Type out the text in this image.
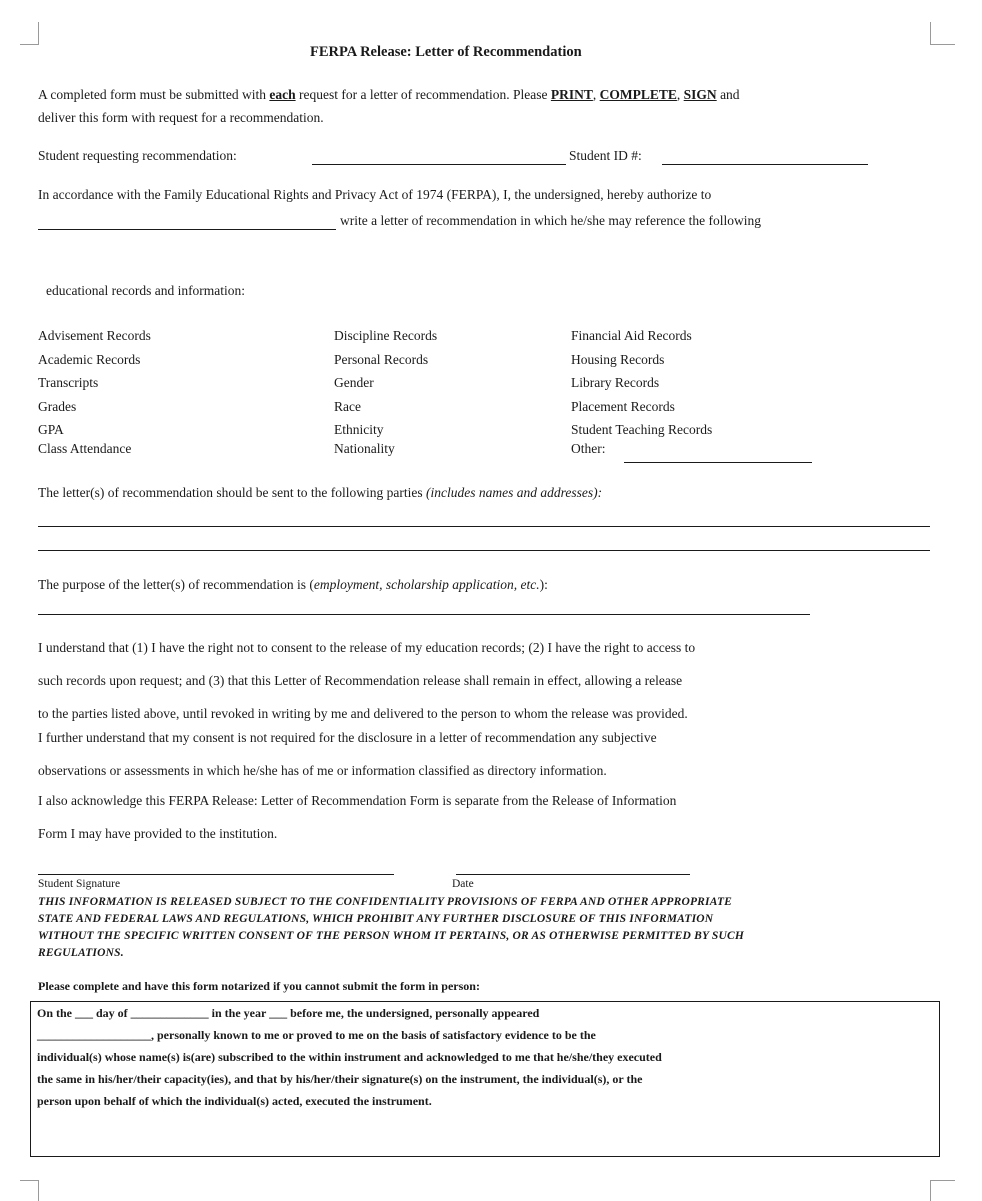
FERPA Release: Letter of Recommendation
A completed form must be submitted with each request for a letter of recommendation. Please PRINT, COMPLETE, SIGN and
deliver this form with request for a recommendation.
Student requesting recommendation:	Student ID #:
In accordance with the Family Educational Rights and Privacy Act of 1974 (FERPA), I, the undersigned, hereby authorize to
write a letter of recommendation in which he/she may reference the following
educational records and information:
Advisement Records
Academic Records
Transcripts
Grades
GPA
Class Attendance
Discipline Records
Personal Records
Gender
Race
Ethnicity
Nationality
Financial Aid Records
Housing Records
Library Records
Placement Records
Student Teaching Records
Other:
The letter(s) of recommendation should be sent to the following parties (includes names and addresses):
The purpose of the letter(s) of recommendation is (employment, scholarship application, etc.):
I understand that (1) I have the right not to consent to the release of my education records; (2) I have the right to access to
such records upon request; and (3) that this Letter of Recommendation release shall remain in effect, allowing a release
to the parties listed above, until revoked in writing by me and delivered to the person to whom the release was provided.
I further understand that my consent is not required for the disclosure in a letter of recommendation any subjective
observations or assessments in which he/she has of me or information classified as directory information.
I also acknowledge this FERPA Release: Letter of Recommendation Form is separate from the Release of Information
Form I may have provided to the institution.
Student Signature	Date
THIS INFORMATION IS RELEASED SUBJECT TO THE CONFIDENTIALITY PROVISIONS OF FERPA AND OTHER APPROPRIATE
STATE AND FEDERAL LAWS AND REGULATIONS, WHICH PROHIBIT ANY FURTHER DISCLOSURE OF THIS INFORMATION
WITHOUT THE SPECIFIC WRITTEN CONSENT OF THE PERSON WHOM IT PERTAINS, OR AS OTHERWISE PERMITTED BY SUCH
REGULATIONS.
Please complete and have this form notarized if you cannot submit the form in person:
On the ___ day of _____________ in the year ___ before me, the undersigned, personally appeared
___________________, personally known to me or proved to me on the basis of satisfactory evidence to be the
individual(s) whose name(s) is(are) subscribed to the within instrument and acknowledged to me that he/she/they executed
the same in his/her/their capacity(ies), and that by his/her/their signature(s) on the instrument, the individual(s), or the
person upon behalf of which the individual(s) acted, executed the instrument.
